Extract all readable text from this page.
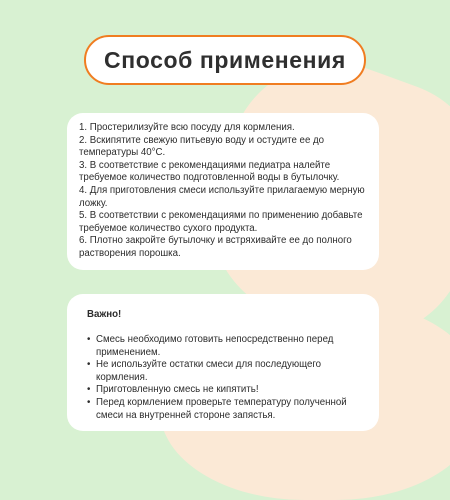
Способ применения

1. Простерилизуйте всю посуду для кормления.

2. Вскипятите свежую питьевую воду и остудите ее до температуры 40°С.

3. В соответствие с рекомендациями педиатра налейте требуемое количество подготовленной воды в бутылочку.

4. Для приготовления смеси используйте прилагаемую мерную ложку.

5. В соответствии с рекомендациями по применению добавьте требуемое количество сухого продукта.

6. Плотно закройте бутылочку и встряхивайте ее до полного растворения порошка.

Важно!
• Смесь необходимо готовить непосредственно перед применением.
• Не используйте остатки смеси для последующего кормления.
• Приготовленную смесь не кипятить!
• Перед кормлением проверьте температуру полученной смеси на внутренней стороне запястья.
